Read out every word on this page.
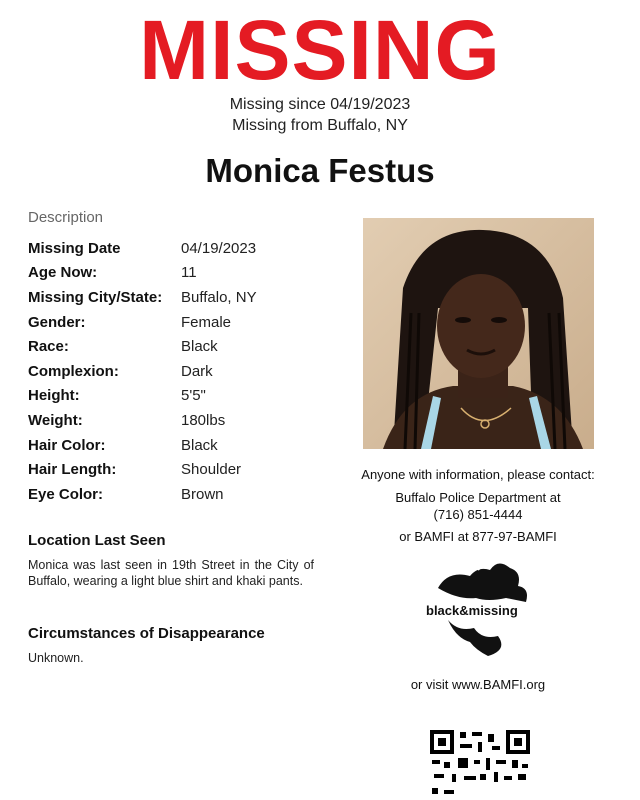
MISSING
Missing since 04/19/2023
Missing from Buffalo, NY
Monica Festus
Description
Missing Date	04/19/2023
Age Now:	11
Missing City/State:	Buffalo, NY
Gender:	Female
Race:	Black
Complexion:	Dark
Height:	5'5"
Weight:	180lbs
Hair Color:	Black
Hair Length:	Shoulder
Eye Color:	Brown
Location Last Seen
Monica was last seen in 19th Street in the City of Buffalo, wearing a light blue shirt and khaki pants.
Circumstances of Disappearance
Unknown.
Anyone with information, please contact:
Buffalo Police Department at
(716) 851-4444
or BAMFI at 877-97-BAMFI
black&missing
or visit www.BAMFI.org
